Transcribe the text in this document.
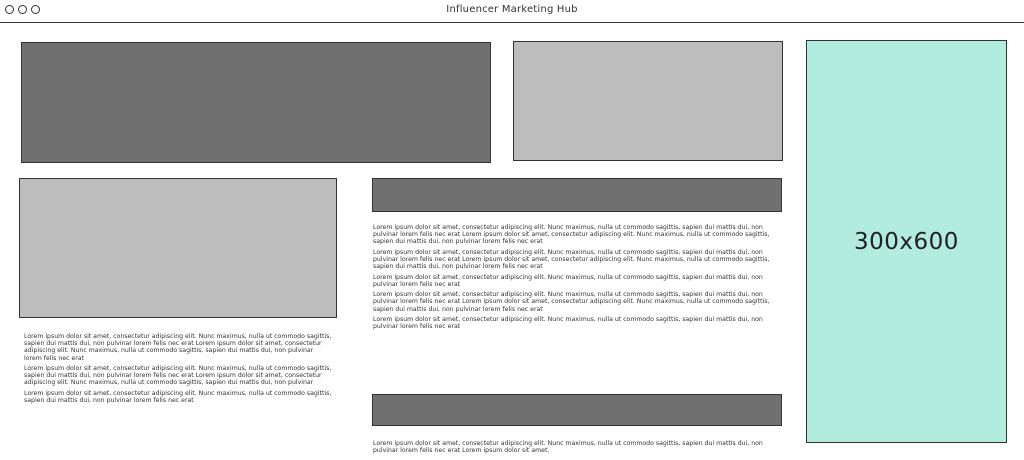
Influencer Marketing Hub
300x600

Lorem ipsum dolor sit amet, consectetur adipiscing elit. Nunc maximus, nulla ut commodo sagittis, sapien dui mattis dui, non pulvinar lorem felis nec erat Lorem ipsum dolor sit amet, consectetur adipiscing elit. Nunc maximus, nulla ut commodo sagittis, sapien dui mattis dui, non pulvinar lorem felis nec erat

Lorem ipsum dolor sit amet, consectetur adipiscing elit. Nunc maximus, nulla ut commodo sagittis, sapien dui mattis dui, non pulvinar lorem felis nec erat Lorem ipsum dolor sit amet, consectetur adipiscing elit. Nunc maximus, nulla ut commodo sagittis, sapien dui mattis dui, non pulvinar

Lorem ipsum dolor sit amet, consectetur adipiscing elit. Nunc maximus, nulla ut commodo sagittis, sapien dui mattis dui, non pulvinar lorem felis nec erat

Lorem ipsum dolor sit amet, consectetur adipiscing elit. Nunc maximus, nulla ut commodo sagittis, sapien dui mattis dui, non pulvinar lorem felis nec erat Lorem ipsum dolor sit amet, consectetur adipiscing elit. Nunc maximus, nulla ut commodo sagittis, sapien dui mattis dui, non pulvinar lorem felis nec erat

Lorem ipsum dolor sit amet, consectetur adipiscing elit. Nunc maximus, nulla ut commodo sagittis, sapien dui mattis dui, non pulvinar lorem felis nec erat Lorem ipsum dolor sit amet, consectetur adipiscing elit. Nunc maximus, nulla ut commodo sagittis, sapien dui mattis dui, non pulvinar lorem felis nec erat

Lorem ipsum dolor sit amet, consectetur adipiscing elit. Nunc maximus, nulla ut commodo sagittis, sapien dui mattis dui, non pulvinar lorem felis nec erat

Lorem ipsum dolor sit amet, consectetur adipiscing elit. Nunc maximus, nulla ut commodo sagittis, sapien dui mattis dui, non pulvinar lorem felis nec erat Lorem ipsum dolor sit amet, consectetur adipiscing elit. Nunc maximus, nulla ut commodo sagittis, sapien dui mattis dui, non pulvinar lorem felis nec erat

Lorem ipsum dolor sit amet, consectetur adipiscing elit. Nunc maximus, nulla ut commodo sagittis, sapien dui mattis dui, non pulvinar lorem felis nec erat

Lorem ipsum dolor sit amet, consectetur adipiscing elit. Nunc maximus, nulla ut commodo sagittis, sapien dui mattis dui, non pulvinar lorem felis nec erat Lorem ipsum dolor sit amet.
